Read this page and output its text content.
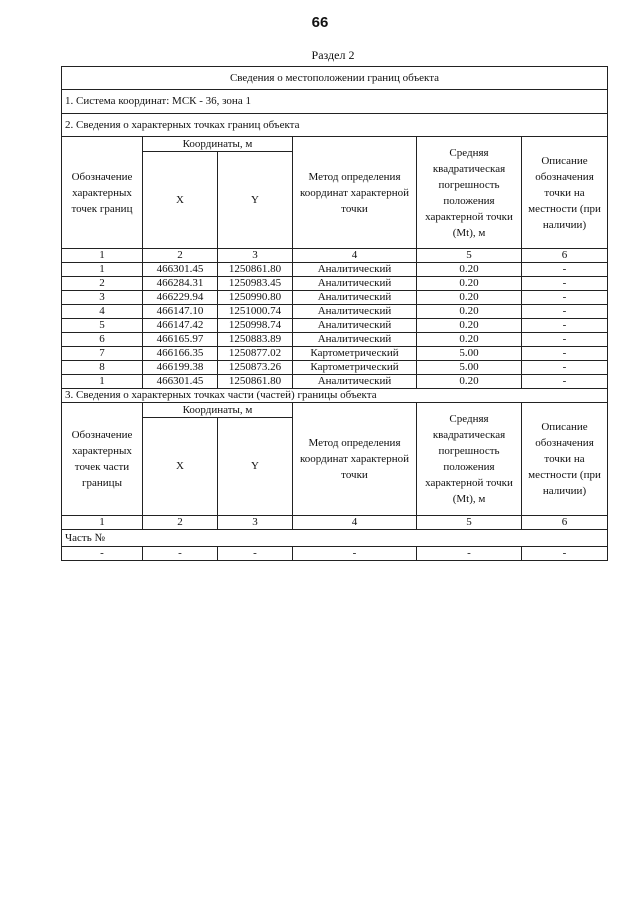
66
Раздел 2
Сведения о местоположении границ объекта					
1. Система координат: МСК - 36, зона 1					
2. Сведения о характерных точках границ объекта					
Обозначение характерных точек границ	Координаты, м		Метод определения координат характерной точки	Средняя квадратическая погрешность положения характерной точки (Mt), м	Описание обозначения точки на местности (при наличии)
	X	Y			
1	2	3	4	5	6
1	466301.45	1250861.80	Аналитический	0.20	-
2	466284.31	1250983.45	Аналитический	0.20	-
3	466229.94	1250990.80	Аналитический	0.20	-
4	466147.10	1251000.74	Аналитический	0.20	-
5	466147.42	1250998.74	Аналитический	0.20	-
6	466165.97	1250883.89	Аналитический	0.20	-
7	466166.35	1250877.02	Картометрический	5.00	-
8	466199.38	1250873.26	Картометрический	5.00	-
1	466301.45	1250861.80	Аналитический	0.20	-
3. Сведения о характерных точках части (частей) границы объекта					
Обозначение характерных точек части границы	Координаты, м		Метод определения координат характерной точки	Средняя квадратическая погрешность положения характерной точки (Mt), м	Описание обозначения точки на местности (при наличии)
	X	Y			
1	2	3	4	5	6
Часть №					
-	-	-	-	-	-
